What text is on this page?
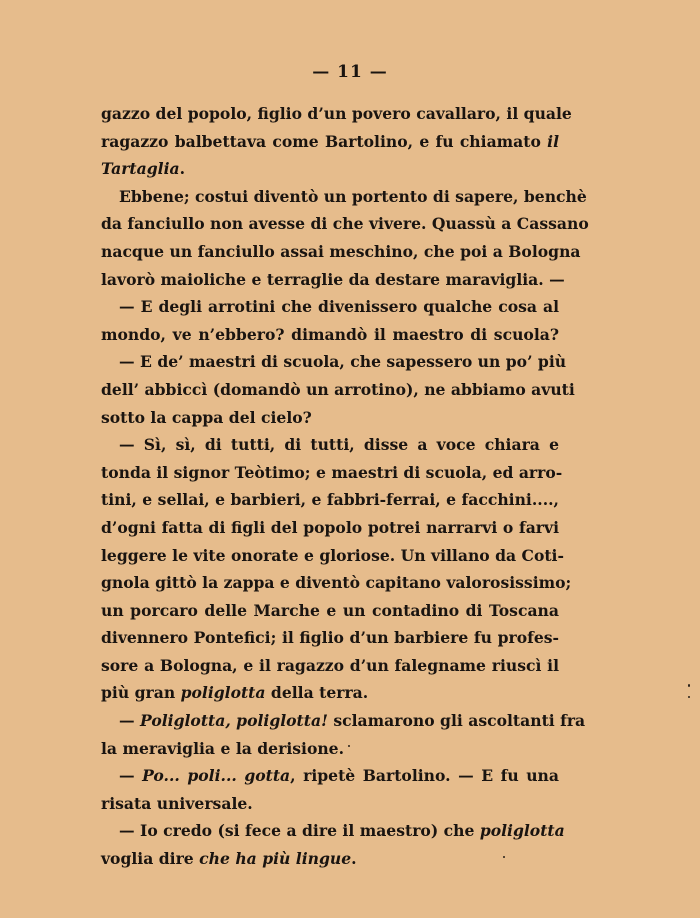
— 11 —
gazzo del popolo, figlio d’un povero cavallaro, il quale
ragazzo balbettava come Bartolino, e fu chiamato il
Tartaglia.
Ebbene; costui diventò un portento di sapere, benchè
da fanciullo non avesse di che vivere. Quassù a Cassano
nacque un fanciullo assai meschino, che poi a Bologna
lavorò maioliche e terraglie da destare maraviglia. —
— E degli arrotini che divenissero qualche cosa al
mondo, ve n’ebbero? dimandò il maestro di scuola?
— E de’ maestri di scuola, che sapessero un po’ più
dell’ abbiccì (domandò un arrotino), ne abbiamo avuti
sotto la cappa del cielo?
— Sì, sì, di tutti, di tutti, disse a voce chiara e
tonda il signor Teòtimo; e maestri di scuola, ed arro-
tini, e sellai, e barbieri, e fabbri-ferrai, e facchini....,
d’ogni fatta di figli del popolo potrei narrarvi o farvi
leggere le vite onorate e gloriose. Un villano da Coti-
gnola gittò la zappa e diventò capitano valorosissimo;
un porcaro delle Marche e un contadino di Toscana
divennero Pontefici; il figlio d’un barbiere fu profes-
sore a Bologna, e il ragazzo d’un falegname riuscì il
più gran poliglotta della terra.
— Poliglotta, poliglotta! sclamarono gli ascoltanti fra
la meraviglia e la derisione.
— Po... poli... gotta, ripetè Bartolino. — E fu una
risata universale.
— Io credo (si fece a dire il maestro) che poliglotta
voglia dire che ha più lingue.
